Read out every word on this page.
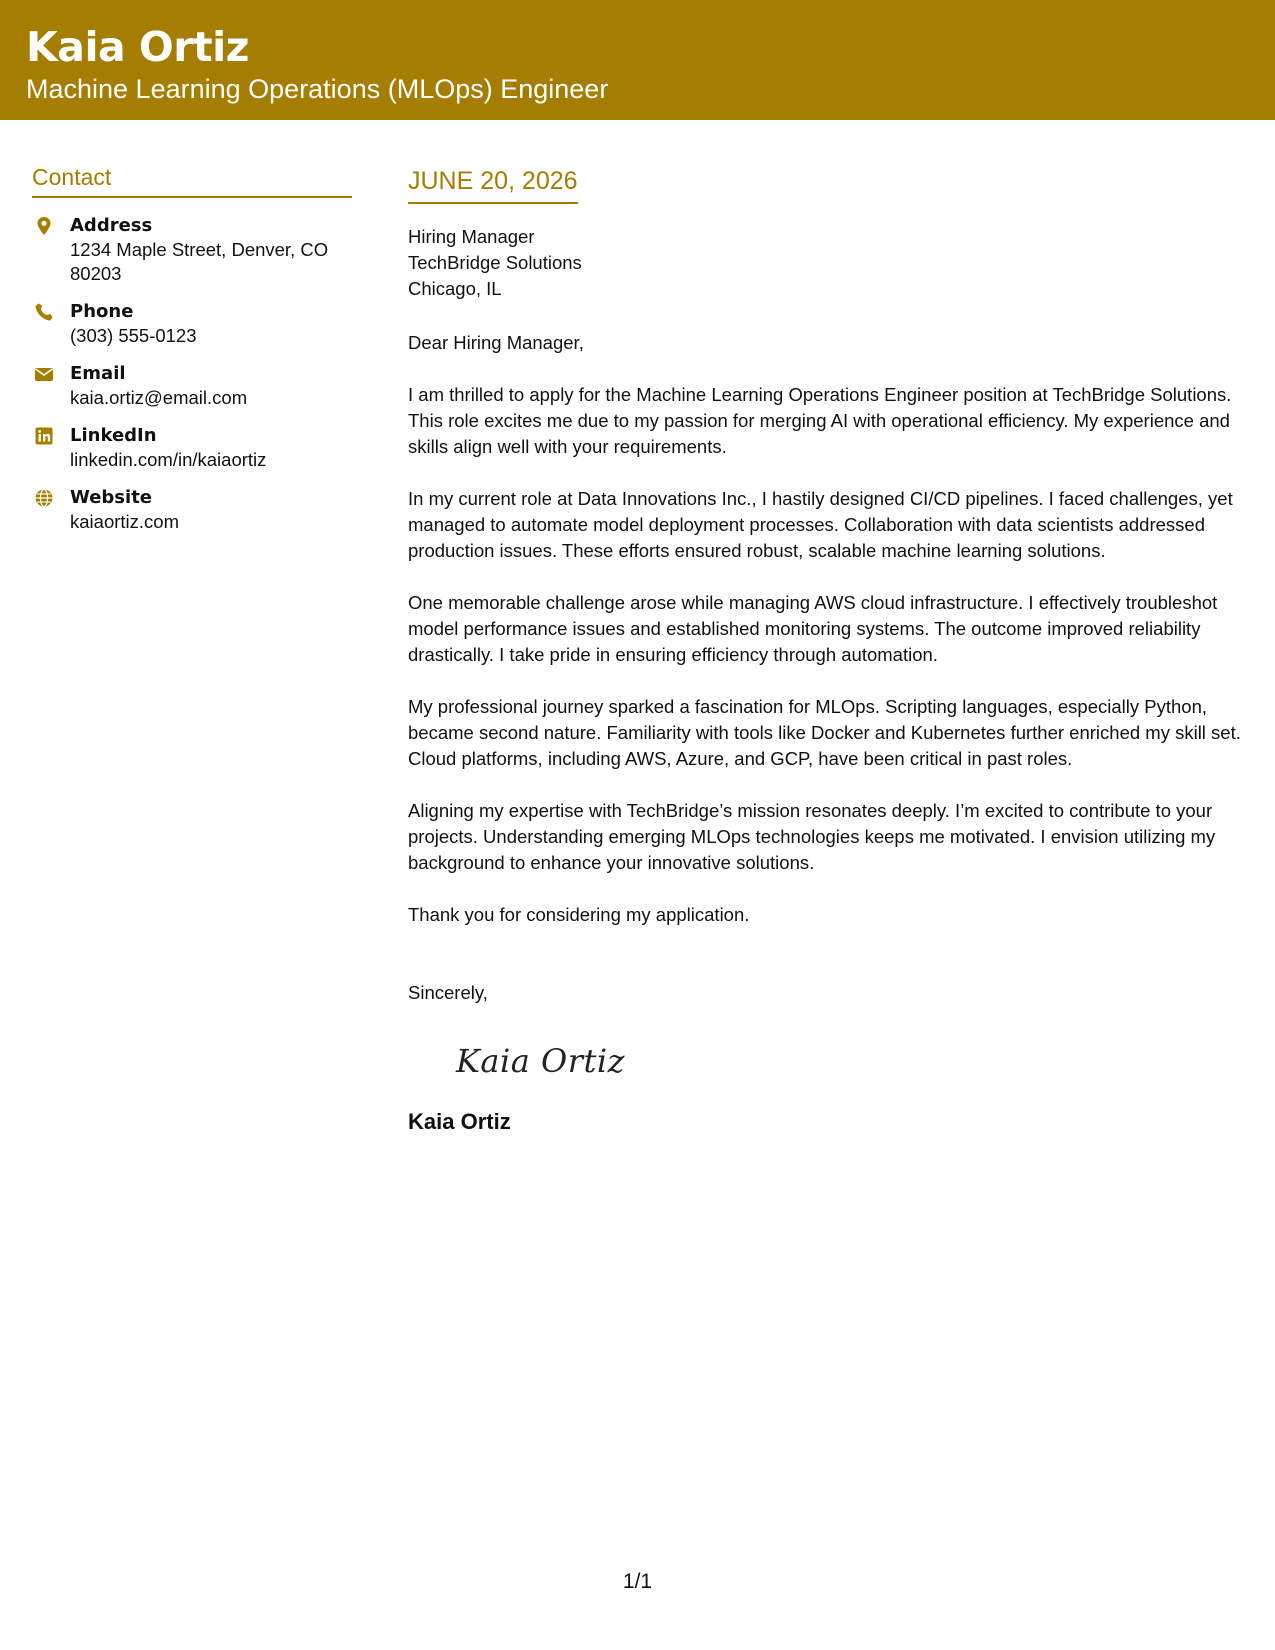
Kaia Ortiz
Machine Learning Operations (MLOps) Engineer
Contact
Address
1234 Maple Street, Denver, CO 80203
Phone
(303) 555-0123
Email
kaia.ortiz@email.com
LinkedIn
linkedin.com/in/kaiaortiz
Website
kaiaortiz.com
JUNE 20, 2026
Hiring Manager
TechBridge Solutions
Chicago, IL
Dear Hiring Manager,
I am thrilled to apply for the Machine Learning Operations Engineer position at TechBridge Solutions. This role excites me due to my passion for merging AI with operational efficiency. My experience and skills align well with your requirements.
In my current role at Data Innovations Inc., I hastily designed CI/CD pipelines. I faced challenges, yet managed to automate model deployment processes. Collaboration with data scientists addressed production issues. These efforts ensured robust, scalable machine learning solutions.
One memorable challenge arose while managing AWS cloud infrastructure. I effectively troubleshot model performance issues and established monitoring systems. The outcome improved reliability drastically. I take pride in ensuring efficiency through automation.
My professional journey sparked a fascination for MLOps. Scripting languages, especially Python, became second nature. Familiarity with tools like Docker and Kubernetes further enriched my skill set. Cloud platforms, including AWS, Azure, and GCP, have been critical in past roles.
Aligning my expertise with TechBridge’s mission resonates deeply. I’m excited to contribute to your projects. Understanding emerging MLOps technologies keeps me motivated. I envision utilizing my background to enhance your innovative solutions.
Thank you for considering my application.
Sincerely,
Kaia Ortiz
Kaia Ortiz
1/1
